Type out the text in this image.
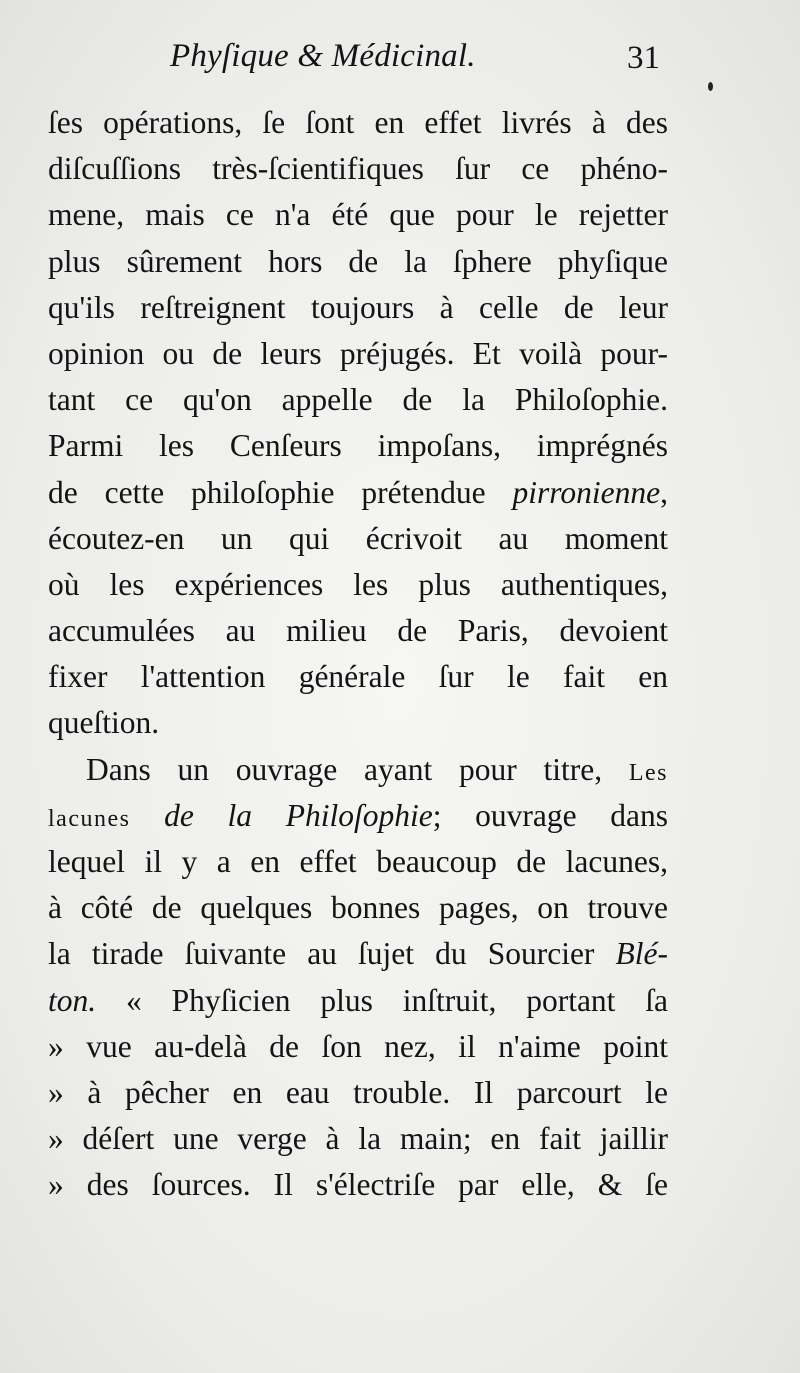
Phyſique & Médicinal.	31
ſes opérations, ſe ſont en effet livrés à des
diſcuſſions très-ſcientifiques ſur ce phéno-
mene, mais ce n'a été que pour le rejetter
plus sûrement hors de la ſphere phyſique
qu'ils reſtreignent toujours à celle de leur
opinion ou de leurs préjugés. Et voilà pour-
tant ce qu'on appelle de la Philoſophie.
Parmi les Cenſeurs impoſans, imprégnés
de cette philoſophie prétendue pirronienne,
écoutez-en un qui écrivoit au moment
où les expériences les plus authentiques,
accumulées au milieu de Paris, devoient
fixer l'attention générale ſur le fait en
queſtion.
Dans un ouvrage ayant pour titre, Les
lacunes de la Philoſophie; ouvrage dans
lequel il y a en effet beaucoup de lacunes,
à côté de quelques bonnes pages, on trouve
la tirade ſuivante au ſujet du Sourcier Blé-
ton. « Phyſicien plus inſtruit, portant ſa
» vue au-delà de ſon nez, il n'aime point
» à pêcher en eau trouble. Il parcourt le
» déſert une verge à la main; en fait jaillir
» des ſources. Il s'électriſe par elle, & ſe
